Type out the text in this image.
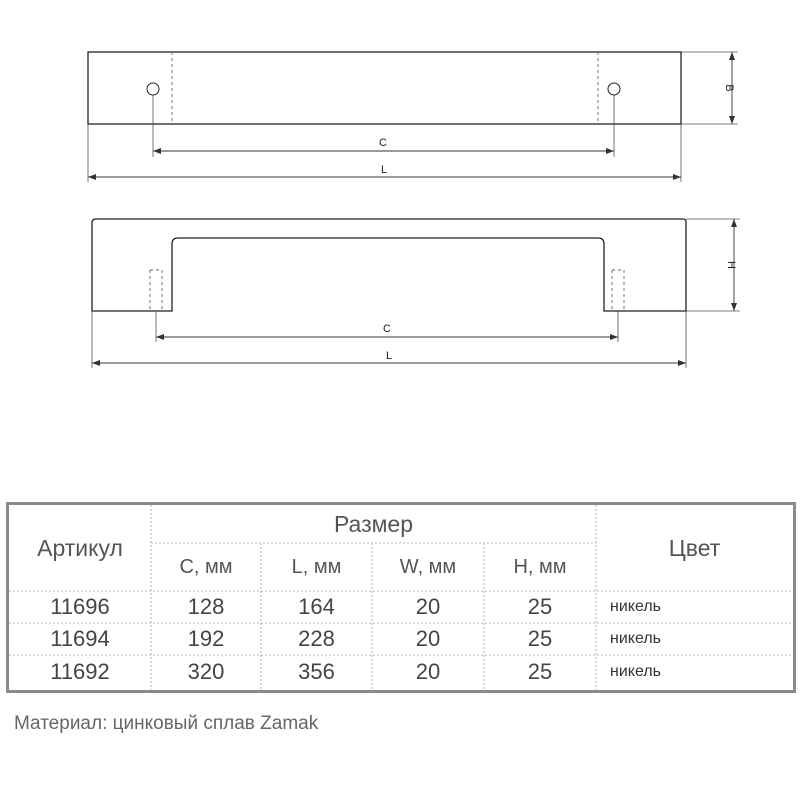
C
L
B
C
L
H
Артикул
Размер
Цвет
C, мм	L, мм	W, мм	H, мм
11696	128	164	20	25	никель
11694	192	228	20	25	никель
11692	320	356	20	25	никель
Материал: цинковый сплав Zamak
